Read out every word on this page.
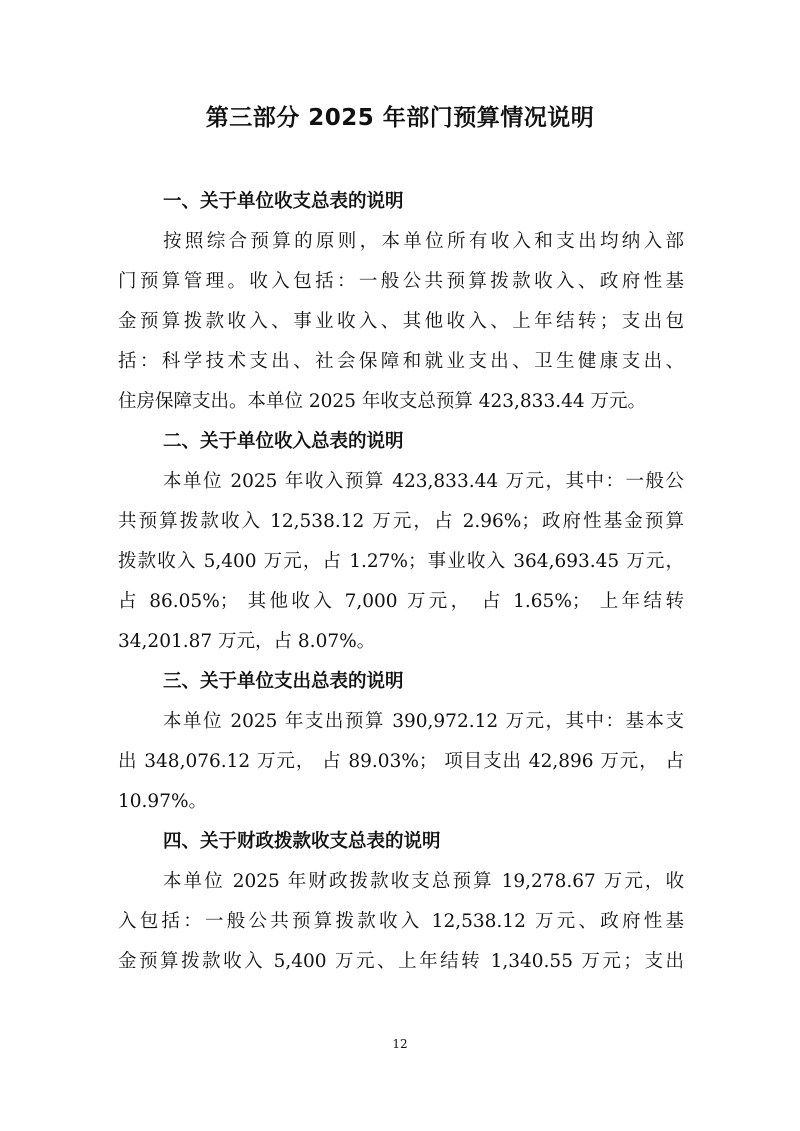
第三部分 2025 年部门预算情况说明

一、关于单位收支总表的说明

按照综合预算的原则，本单位所有收入和支出均纳入部
门预算管理。收入包括：一般公共预算拨款收入、政府性基
金预算拨款收入、事业收入、其他收入、上年结转；支出包
括：科学技术支出、社会保障和就业支出、卫生健康支出、
住房保障支出。本单位 2025 年收支总预算 423,833.44 万元。

二、关于单位收入总表的说明

本单位 2025 年收入预算 423,833.44 万元，其中：一般公
共预算拨款收入 12,538.12 万元，占 2.96%；政府性基金预算
拨款收入 5,400 万元，占 1.27%；事业收入 364,693.45 万元，
占 86.05%； 其他收入 7,000 万元， 占 1.65%； 上年结转
34,201.87 万元，占 8.07%。

三、关于单位支出总表的说明

本单位 2025 年支出预算 390,972.12 万元，其中：基本支
出 348,076.12 万元， 占 89.03%； 项目支出 42,896 万元， 占
10.97%。

四、关于财政拨款收支总表的说明

本单位 2025 年财政拨款收支总预算 19,278.67 万元，收
入包括：一般公共预算拨款收入 12,538.12 万元、政府性基
金预算拨款收入 5,400 万元、上年结转 1,340.55 万元；支出

12
